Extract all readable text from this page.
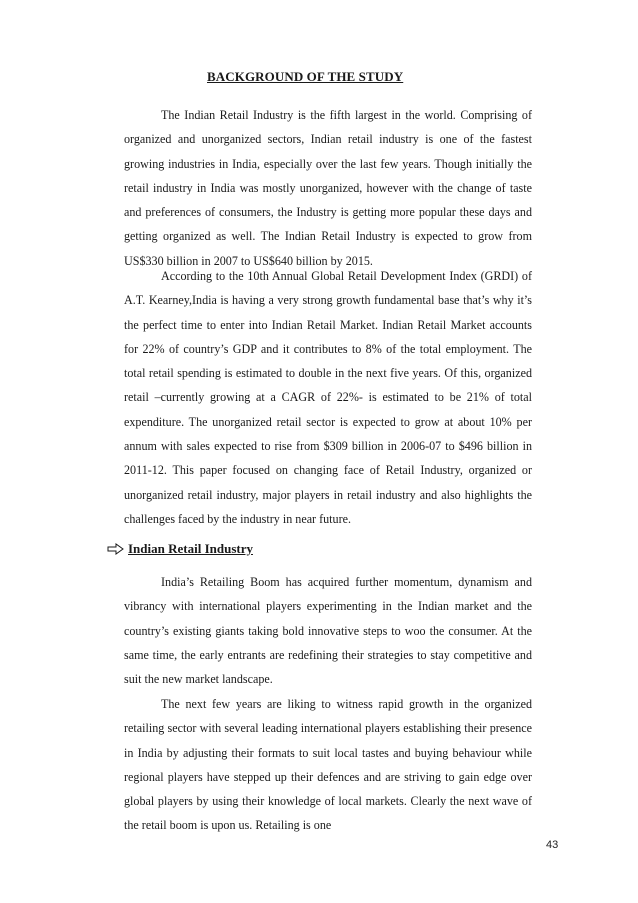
BACKGROUND OF THE STUDY

The Indian Retail Industry is the fifth largest in the world. Comprising of organized and unorganized sectors, Indian retail industry is one of the fastest growing industries in India, especially over the last few years. Though initially the retail industry in India was mostly unorganized, however with the change of taste and preferences of consumers, the Industry is getting more popular these days and getting organized as well. The Indian Retail Industry is expected to grow from US$330 billion in 2007 to US$640 billion by 2015.

According to the 10th Annual Global Retail Development Index (GRDI) of A.T. Kearney,India is having a very strong growth fundamental base that’s why it’s the perfect time to enter into Indian Retail Market. Indian Retail Market accounts for 22% of country’s GDP and it contributes to 8% of the total employment. The total retail spending is estimated to double in the next five years. Of this, organized retail –currently growing at a CAGR of 22%- is estimated to be 21% of total expenditure. The unorganized retail sector is expected to grow at about 10% per annum with sales expected to rise from $309 billion in 2006-07 to $496 billion in 2011-12. This paper focused on changing face of Retail Industry, organized or unorganized retail industry, major players in retail industry and also highlights the challenges faced by the industry in near future.

Indian Retail Industry

India’s Retailing Boom has acquired further momentum, dynamism and vibrancy with international players experimenting in the Indian market and the country’s existing giants taking bold innovative steps to woo the consumer. At the same time, the early entrants are redefining their strategies to stay competitive and suit the new market landscape.

The next few years are liking to witness rapid growth in the organized retailing sector with several leading international players establishing their presence in India by adjusting their formats to suit local tastes and buying behaviour while regional players have stepped up their defences and are striving to gain edge over global players by using their knowledge of local markets. Clearly the next wave of the retail boom is upon us. Retailing is one

43
